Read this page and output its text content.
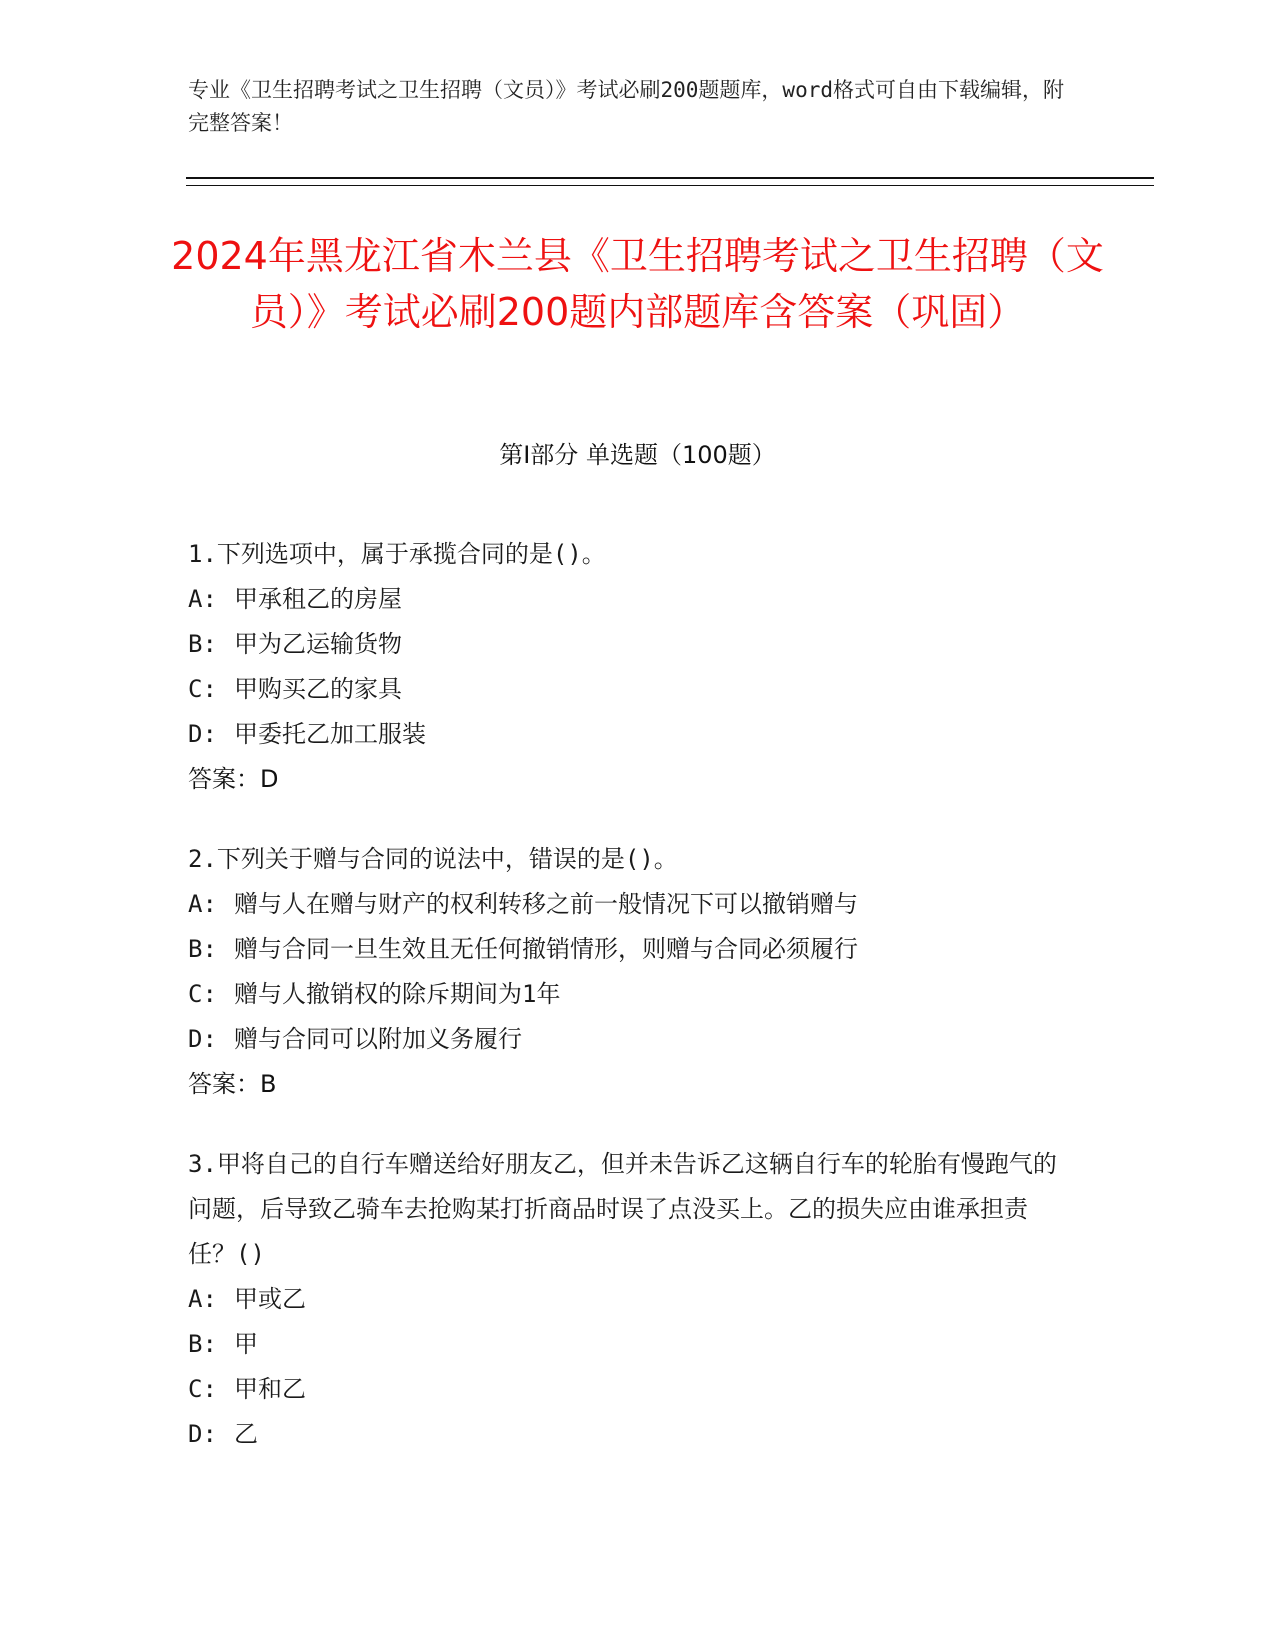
专业《卫生招聘考试之卫生招聘（文员）》考试必刷200题题库，word格式可自由下载编辑，附完整答案！
2024年黑龙江省木兰县《卫生招聘考试之卫生招聘（文员）》考试必刷200题内部题库含答案（巩固）
第I部分 单选题（100题）
1.下列选项中，属于承揽合同的是()。
A: 甲承租乙的房屋
B: 甲为乙运输货物
C: 甲购买乙的家具
D: 甲委托乙加工服装
答案：D
2.下列关于赠与合同的说法中，错误的是()。
A: 赠与人在赠与财产的权利转移之前一般情况下可以撤销赠与
B: 赠与合同一旦生效且无任何撤销情形，则赠与合同必须履行
C: 赠与人撤销权的除斥期间为1年
D: 赠与合同可以附加义务履行
答案：B
3.甲将自己的自行车赠送给好朋友乙，但并未告诉乙这辆自行车的轮胎有慢跑气的问题，后导致乙骑车去抢购某打折商品时误了点没买上。乙的损失应由谁承担责任？()
A: 甲或乙
B: 甲
C: 甲和乙
D: 乙
